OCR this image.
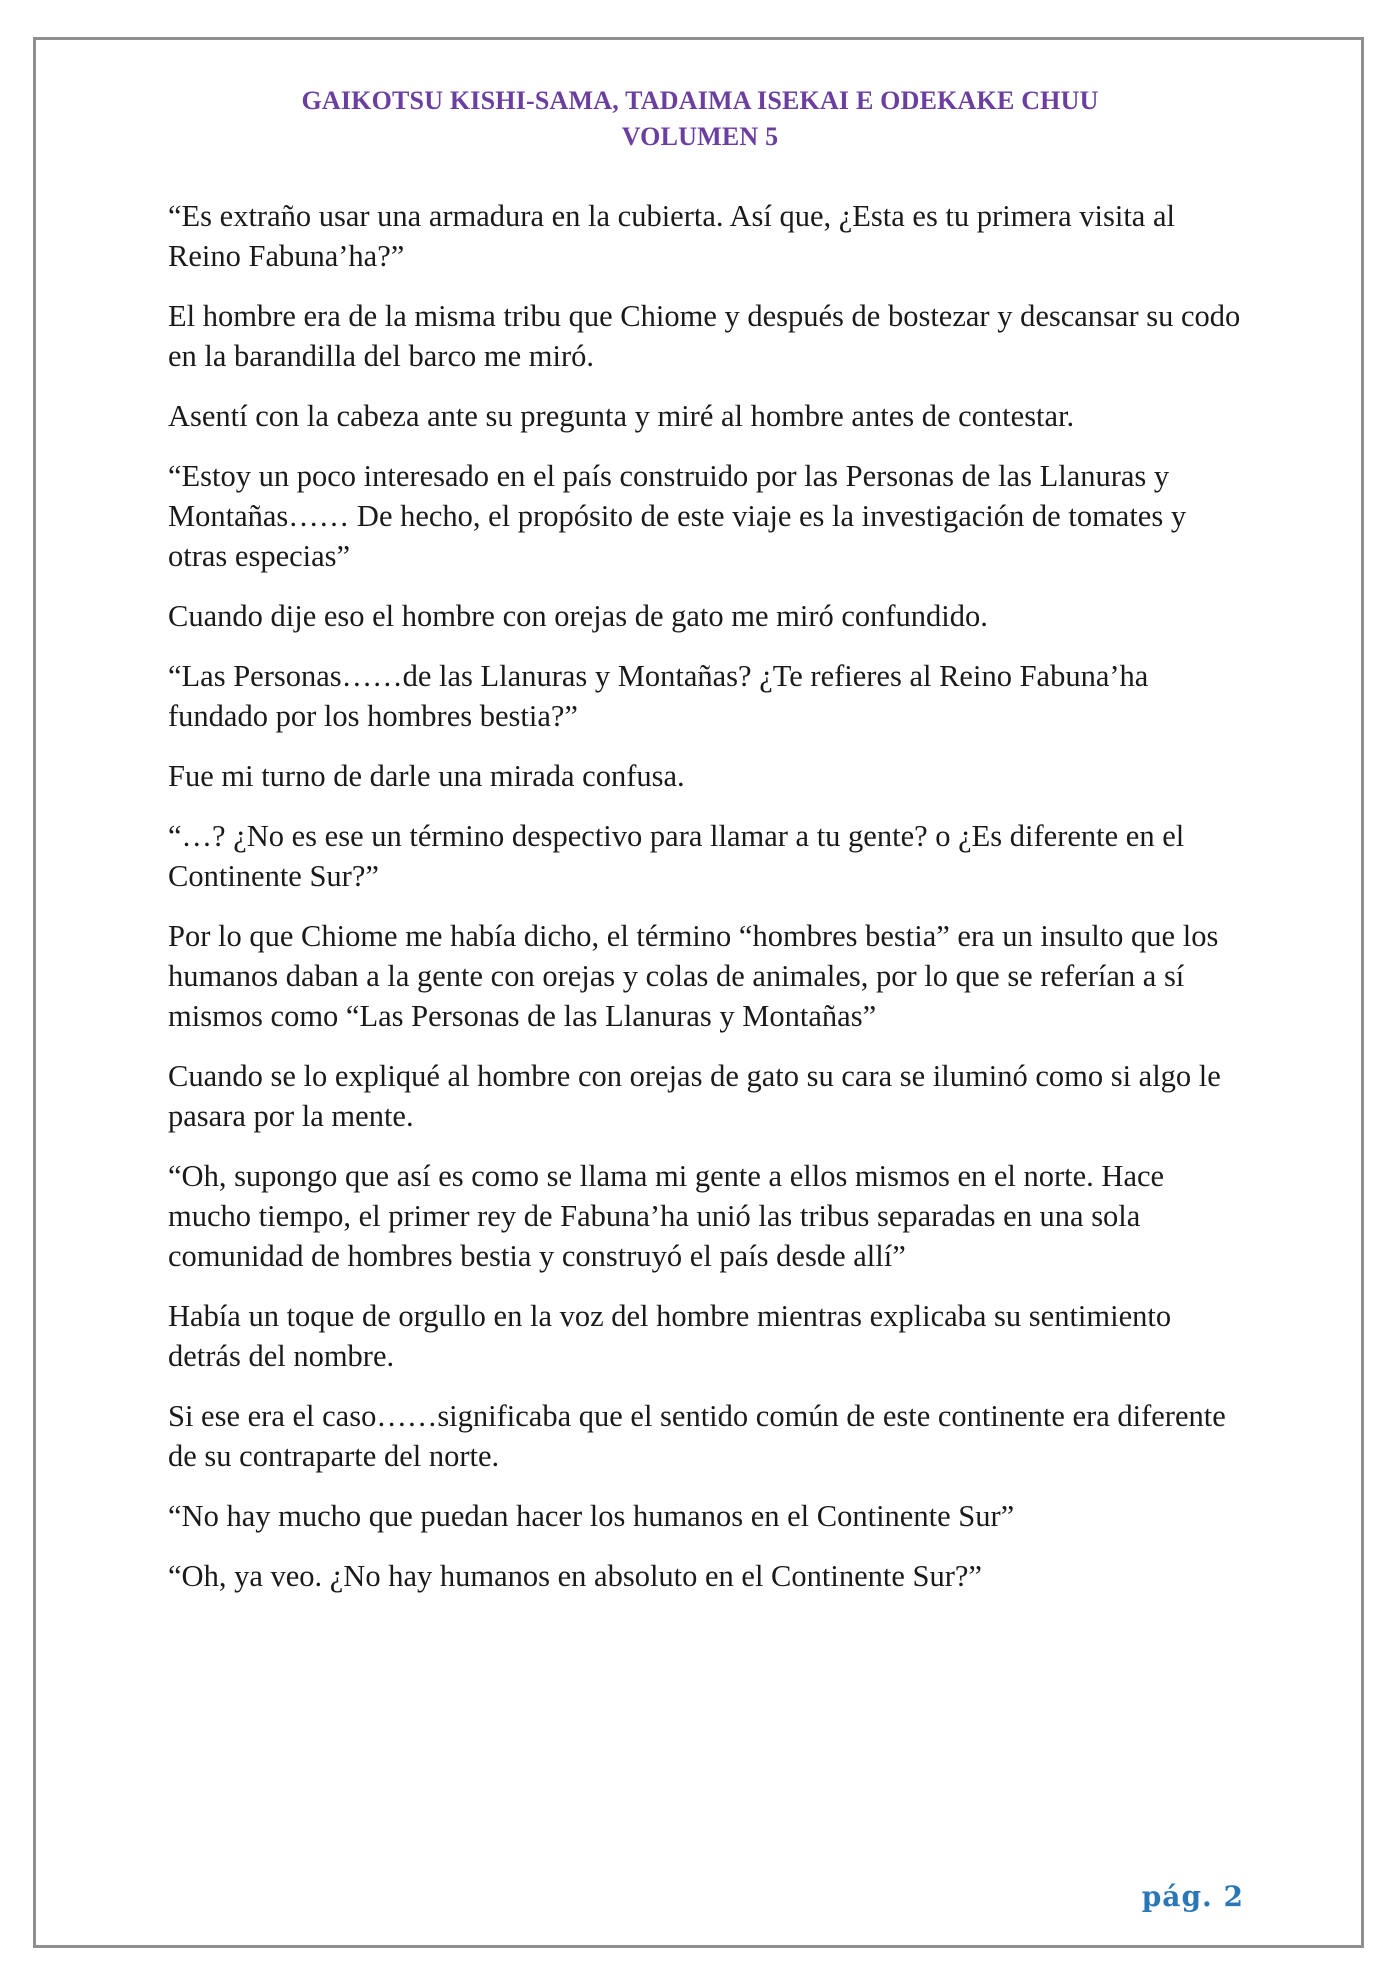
GAIKOTSU KISHI-SAMA, TADAIMA ISEKAI E ODEKAKE CHUU
VOLUMEN 5

“Es extraño usar una armadura en la cubierta. Así que, ¿Esta es tu primera visita al Reino Fabuna’ha?”

El hombre era de la misma tribu que Chiome y después de bostezar y descansar su codo en la barandilla del barco me miró.

Asentí con la cabeza ante su pregunta y miré al hombre antes de contestar.

“Estoy un poco interesado en el país construido por las Personas de las Llanuras y Montañas…… De hecho, el propósito de este viaje es la investigación de tomates y otras especias”

Cuando dije eso el hombre con orejas de gato me miró confundido.

“Las Personas……de las Llanuras y Montañas? ¿Te refieres al Reino Fabuna’ha fundado por los hombres bestia?”

Fue mi turno de darle una mirada confusa.

“…? ¿No es ese un término despectivo para llamar a tu gente? o ¿Es diferente en el Continente Sur?”

Por lo que Chiome me había dicho, el término “hombres bestia” era un insulto que los humanos daban a la gente con orejas y colas de animales, por lo que se referían a sí mismos como “Las Personas de las Llanuras y Montañas”

Cuando se lo expliqué al hombre con orejas de gato su cara se iluminó como si algo le pasara por la mente.

“Oh, supongo que así es como se llama mi gente a ellos mismos en el norte. Hace mucho tiempo, el primer rey de Fabuna’ha unió las tribus separadas en una sola comunidad de hombres bestia y construyó el país desde allí”

Había un toque de orgullo en la voz del hombre mientras explicaba su sentimiento detrás del nombre.

Si ese era el caso……significaba que el sentido común de este continente era diferente de su contraparte del norte.

“No hay mucho que puedan hacer los humanos en el Continente Sur”

“Oh, ya veo. ¿No hay humanos en absoluto en el Continente Sur?”

pág. 2
